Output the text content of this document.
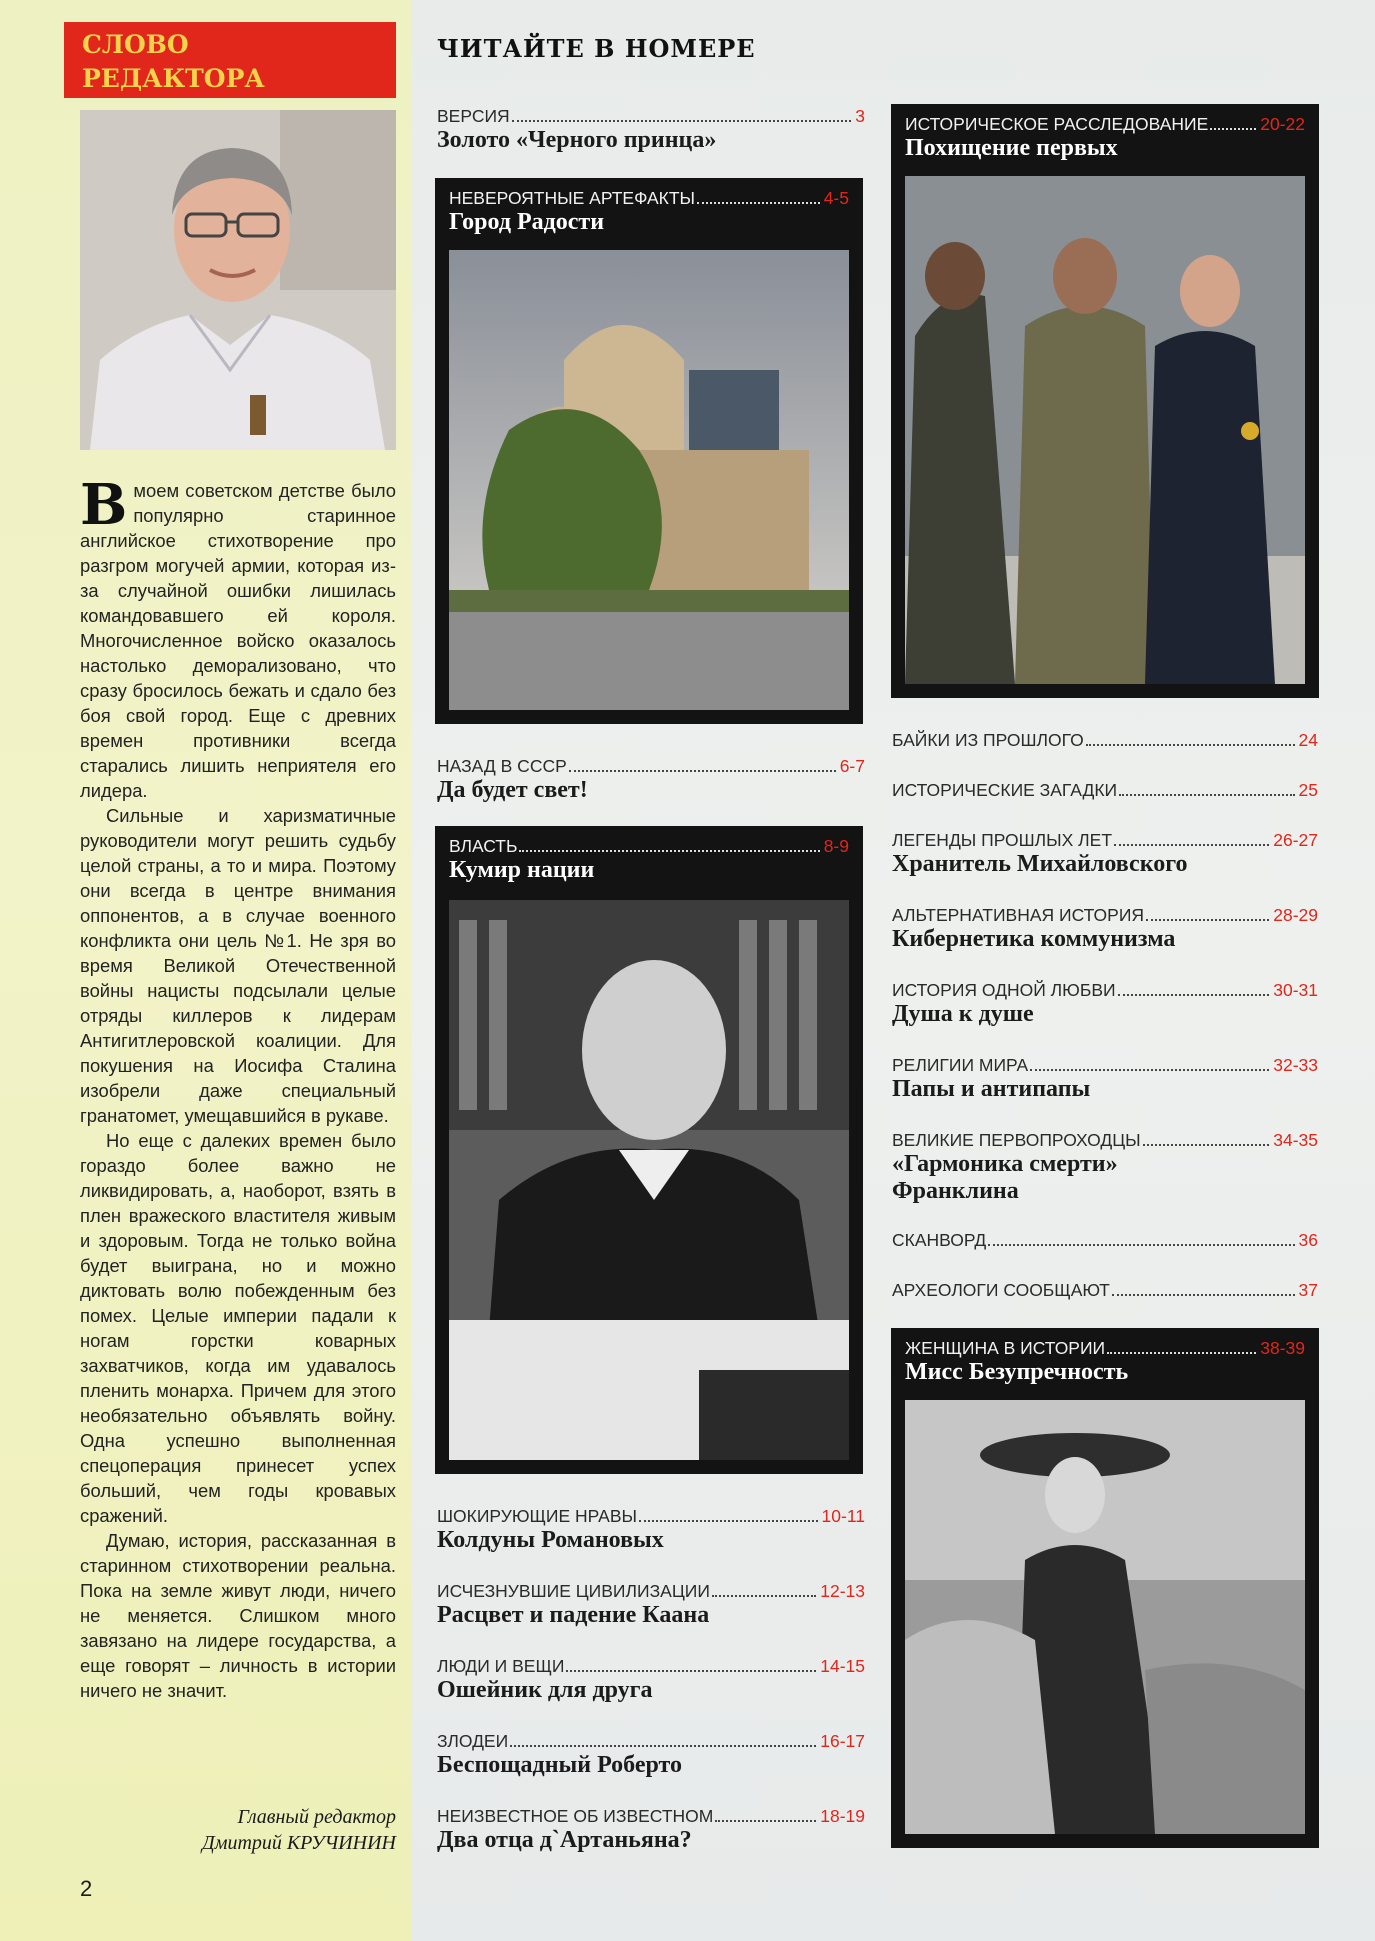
СЛОВО
РЕДАКТОРА

Вмоем советском детстве было популярно старинное английское стихотворение про разгром могучей армии, которая из-за случайной ошибки лишилась командовавшего ей короля. Многочисленное войско оказалось настолько деморализовано, что сразу бросилось бежать и сдало без боя свой город. Еще с древних времен противники всегда старались лишить неприятеля его лидера.

Сильные и харизматичные руководители могут решить судьбу целой страны, а то и мира. Поэтому они всегда в центре внимания оппонентов, а в случае военного конфликта они цель №1. Не зря во время Великой Отечественной войны нацисты подсылали целые отряды киллеров к лидерам Антигитлеровской коалиции. Для покушения на Иосифа Сталина изобрели даже специальный гранатомет, умещавшийся в рукаве.

Но еще с далеких времен было гораздо более важно не ликвидировать, а, наоборот, взять в плен вражеского властителя живым и здоровым. Тогда не только война будет выиграна, но и можно диктовать волю побежденным без помех. Целые империи падали к ногам горстки коварных захватчиков, когда им удавалось пленить монарха. Причем для этого необязательно объявлять войну. Одна успешно выполненная спецоперация принесет успех больший, чем годы кровавых сражений.

Думаю, история, рассказанная в старинном стихотворении реальна. Пока на земле живут люди, ничего не меняется. Слишком много завязано на лидере государства, а еще говорят – личность в истории ничего не значит.

Главный редактор
Дмитрий КРУЧИНИН
2
ЧИТАЙТЕ В НОМЕРЕ
ВЕРСИЯ	3
Золото «Черного принца»
НЕВЕРОЯТНЫЕ АРТЕФАКТЫ	4-5
Город Радости
НАЗАД В СССР	6-7
Да будет свет!
ВЛАСТЬ	8-9
Кумир нации
ШОКИРУЮЩИЕ НРАВЫ	10-11
Колдуны Романовых
ИСЧЕЗНУВШИЕ ЦИВИЛИЗАЦИИ	12-13
Расцвет и падение Каана
ЛЮДИ И ВЕЩИ	14-15
Ошейник для друга
ЗЛОДЕИ	16-17
Беспощадный Роберто
НЕИЗВЕСТНОЕ ОБ ИЗВЕСТНОМ	18-19
Два отца д`Артаньяна?
ИСТОРИЧЕСКОЕ РАССЛЕДОВАНИЕ	20-22
Похищение первых
БАЙКИ ИЗ ПРОШЛОГО	24
ИСТОРИЧЕСКИЕ ЗАГАДКИ	25
ЛЕГЕНДЫ ПРОШЛЫХ ЛЕТ	26-27
Хранитель Михайловского
АЛЬТЕРНАТИВНАЯ ИСТОРИЯ	28-29
Кибернетика коммунизма
ИСТОРИЯ ОДНОЙ ЛЮБВИ	30-31
Душа к душе
РЕЛИГИИ МИРА	32-33
Папы и антипапы
ВЕЛИКИЕ ПЕРВОПРОХОДЦЫ	34-35
«Гармоника смерти» Франклина
СКАНВОРД	36
АРХЕОЛОГИ СООБЩАЮТ	37
ЖЕНЩИНА В ИСТОРИИ	38-39
Мисс Безупречность
